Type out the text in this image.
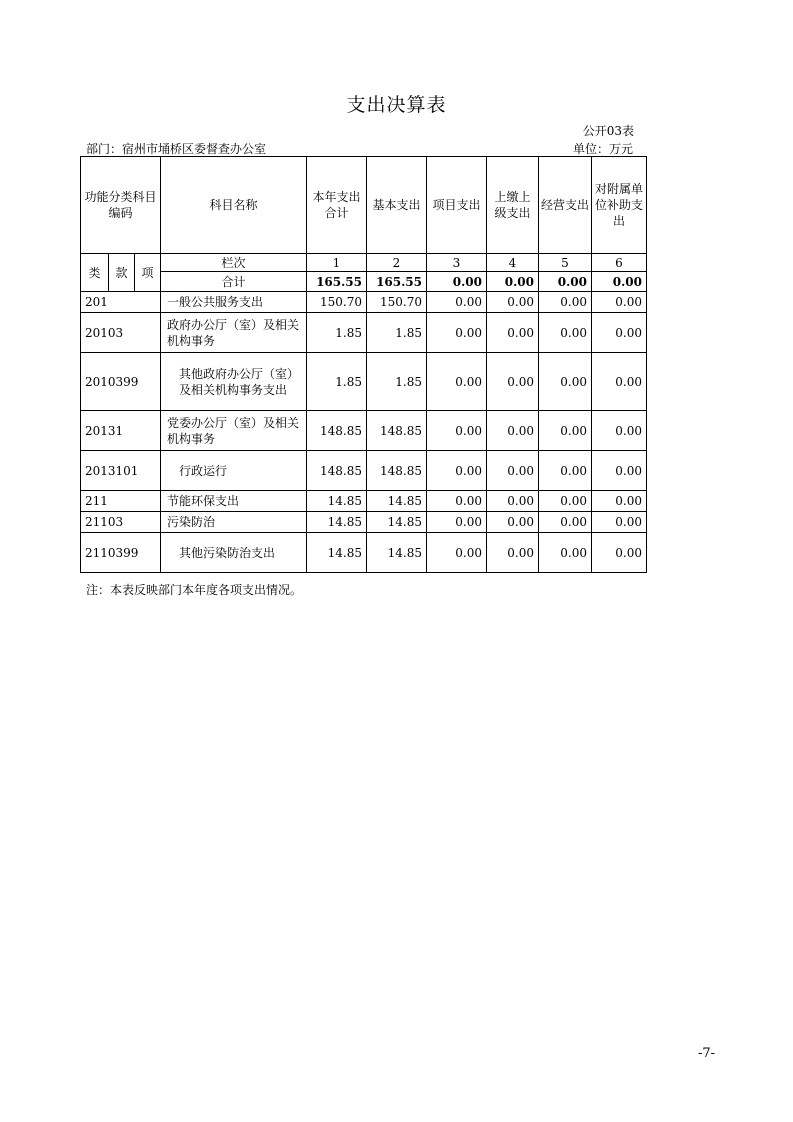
支出决算表
公开03表
部门：宿州市埇桥区委督查办公室	单位：万元
功能分类科目编码			科目名称	本年支出合计	基本支出	项目支出	上缴上级支出	经营支出	对附属单位补助支出
类	款	项	栏次	1	2	3	4	5	6
			合计	165.55	165.55	0.00	0.00	0.00	0.00
201			一般公共服务支出	150.70	150.70	0.00	0.00	0.00	0.00
20103			政府办公厅（室）及相关机构事务	1.85	1.85	0.00	0.00	0.00	0.00
2010399			其他政府办公厅（室）及相关机构事务支出	1.85	1.85	0.00	0.00	0.00	0.00
20131			党委办公厅（室）及相关机构事务	148.85	148.85	0.00	0.00	0.00	0.00
2013101			行政运行	148.85	148.85	0.00	0.00	0.00	0.00
211			节能环保支出	14.85	14.85	0.00	0.00	0.00	0.00
21103			污染防治	14.85	14.85	0.00	0.00	0.00	0.00
2110399			其他污染防治支出	14.85	14.85	0.00	0.00	0.00	0.00
注：本表反映部门本年度各项支出情况。
-7-
